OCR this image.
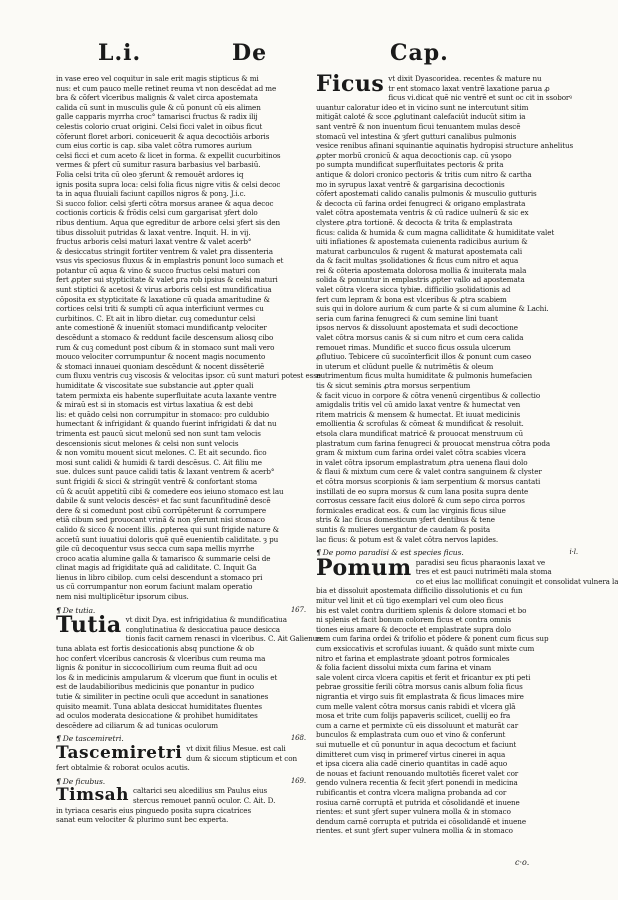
L.i.	De	Cap.
in vase ereo vel coquitur in sale erit magis stipticus & mi
nus: et cum pauco melle retinet reuma vt non descēdat ad me
bra & cōfert vlceribus malignis & valet circa apostemata
calida cū sunt in musculis gule & cū ponunt cū eis alimen
galle capparis myrrha croc° tamarisci fructus & radix ilij
celestis colorio cruat origini. Celsi ficci valet in oibus ficut
cōferunt floret arbori. coniceuerit & aqua decoctiōis arboris
cum eius cortic is cap. siba valet cōtra rumores aurium
celsi ficci et cum aceto & licet in forma. & expellit cucurbitinos
vermes & pfert cū sumitur rasura barbasius vel barbasiū.
Folia celsi trita cū oleo ȝferunt & remouēt ardores iq
ignis posita supra loca: celsi folia ficus nigre vitis & celsi decoc
ta in aqua fluuiali faciunt capillos nigros & ponꝫ. J.i.c.
Si succo folior. celsi ȝferti cōtra morsus aranee & aqua decoc
coctionis corticis & frōdis celsi cum gargarisat ȝfert dolo
ribus dentium. Aqua que egreditur de arbore celsi ȝfert sis den
tibus dissoluit putridas & laxat ventre. Inquit. H. in vij.
fructus arboris celsi maturi laxat ventre & valet acerb°
& desiccatus stringit fortiter ventrem & valet ꝑra dissenteria
vsus vis speciosus fluxus & in emplastris ponunt loco sumach et
potantur cū aqua & vino & succo fructus celsi maturi con
fert ꝓpter sui stypticitate & valet ꝑra rob ipsius & celsi maturi
sunt stiptici & acetosi & virus arboris celsi est mundificatiua
cōposita ex stypticitate & laxatione cū quada amaritudine &
cortices celsi triti & sumpti cū aqua interficiunt vermes cu
curbitinos. C. Et ait in libro dietar. cuꝫ comeduntur celsi
ante comestionē & inueniūt stomaci mundificantꝑ velociter
descēdunt a stomaco & reddunt facile descensum aliosq cibo
rum & cuꝫ comedunt post cibum & in stomaco sunt mali vero
mouco velociter corrumpuntur & nocent magis nocumento
& stomaci innauei quoniam descēdunt & nocent dissēteriē
cum fluxu ventris cuꝫ viscosis & velocitas ipsor. cū sunt maturi potest esse
humiditate & viscositate sue substancie aut ꝓpter quali
tatem permixta eis habente superfluitate acuta laxante ventre
& miraū est si in stomacis est virtus laxatiua & est debi
lis: et quādo celsi non corrumpitur in stomaco: pro culdubio
humectant & infrigidant & quando fuerint infrigidati & dat nu
trimenta est paucū sicut melonū sed non sunt tam velocis
descensionis sicut melones & celsi non sunt velocis
& non vomitu mouent sicut melones. C. Et ait secundo. fico
mosi sunt calidi & humidi & tardi descēsus. C. Ait filiu me
sue. dulces sunt pauce calidi tatis & laxant ventrem & acerb°
sunt frigidi & sicci & stringūt ventrē & confortant stoma
cū & acuūt appetitū cibi & comedere eos ieiuno stomaco est lau
dabile & sunt velocis descēsꝰ et fac sunt facunfitudinē descē
dere & si comedunt post cibū corrūpēterunt & corrumpere
etiā cibum sed prouocant vrinā & non ȝferunt nisi stomaco
calido & sicco & nocent illis. ꝓpterea qui sunt frigide nature &
accetū sunt iuuatiui doloris quē quē euenientib caliditate. ȝ pu
gile cū decoquentur vsus secca cum sapa mellis myrrhe
croco acatia alumine galla & tamarisco & summarie celsi de
clinat magis ad frigiditate quā ad caliditate. C. Inquit Ga
lienus in libro cibilop. cum celsi descendunt a stomaco pri
us cū corrumpantur non eorum faciunt malam operatio
nem nisi multiplicētur ipsorum cibus.
¶ De tutia.	167.
Tutia vt dixit Dya. est infrigidatiua & mundificatiua
conglutinatiua & desiccatiua pauce desicca
tionis facit carnem renasci in vlceribus. C. Ait Galienus.
tuna ablata est fortis desiccationis absq punctione & ob
hoc confert vlceribus cancrosis & vlceribus cum reuma ma
lignis & ponitur in siccocollirium cum reuma fluit ad ocu
los & in medicinis ampularum & vlcerum que fiunt in oculis et
est de laudabilioribus medicinis que ponantur in pudico
tutie & similiter in pectine oculi que accedunt in sanationes
quisito meamit. Tuna ablata desiccat humiditates fluentes
ad oculos moderata desiccatione & prohibet humiditates
descēdere ad ciliarum & ad tunicas oculorum
¶ De tascemiretri.	168.
Tascemiretri vt dixit filius Mesue. est cali
dum & siccum stipticum et con
fert obtalmie & roborat oculos acutis.
¶ De ficubus.	169.
Timsah caltarici seu alcedilius sm Paulus eius
stercus remouet pannū oculor. C. Ait. D.
in tyriaca cesaris eius pinguedo posita supra cicatrices
sanat eum velociter & plurimo sunt bec experta.
Ficus vt dixit Dyascoridea. recentes & mature nu
tr ent stomaco laxat ventrē laxatione parua ꝓ
ficus vi.dicat quē nic ventrē et sunt oc cit in ssoborꝰ
uuantur caloratur ideo et in vicino sunt ne intercutunt sitim
mitigāt caloté & scce ꝓglutinant calefaciūt inducūt sitim ia
sant ventrē & non inuentum ficui tenuantem mulas descē
stomacū vel intestina & ȝfert gutturi canalibus pulmonis
vesice renibus afinani squinantie aquinatis hydropisi structure anhelitus
ꝓpter morbū cronicū & aqua decoctionis cap. cū ysopo
po sumpta mundificat superfluitates pectoris & prita
antique & dolori cronico pectoris & tritis cum nitro & cartha
mo in syrupus laxat ventrē & gargarisina decoctionis
cōfert apostemati calido canalis pulmonis & musculio gutturis
& decocta cū farina ordei fenugreci & origano emplastrata
valet cōtra apostemata ventris & cū radice uulnerū & sic ex
clystere ꝓtra tortionē. & decocta & trita & emplastrata
ficus: calida & humida & cum magna calliditate & humiditate valet
uiti infiationes & apostemata cuienenta radicibus aurium &
maturat carbunculos & rugent & maturat apostemata cali
da & facit multas ȝsolidationes & ficus cum nitro et aqua
rei & cōteria apostemata dolorosa mollia & inuiterata mala
solida & ponuntur in emplastris ꝓpter vallo ad apostemata
valet cōtra vlcera sicca tybiæ. difficilio ȝsolidationis ad
fert cum lepram & bona est vlceribus & ꝓtra scabiem
suis qui in dolore aurium & cum parte & si cum alumine & Lachi.
seria cum farina fenugreci & cum semine lini tuant
ipsos nervos & dissoluunt apostemata et sudi decoctione
valet cōtra morsus canis & si cum nitro et cum cera calida
remouet rimas. Mundific et succo ficus ossula ulcerum
ꝓflutiuo. Tebicere cū sucoīnterficit illos & ponunt cum caseo
in uterum et clūdunt puelle & nutrimētis & oleum
nutrimentum ficus multa humiditate & pulmonis humefacien
tis & sicut seminis ꝓtra morsus serpentium
& facit vicuo in corpore & cōtra venenū cirgentibus & collectio
amigdalis tritis vel cū amido laxat ventre & humectat ven
ritem matricis & mensem & humectat. Et iuuat medicinis
emollientia & scrofulas & cōmeat & mundificat & resoluit.
etsola clara mundificat matricē & prouocat menstruum cū
plastratum cum farina fenugreci & prouocat menstrua cōtra poda
gram & mixtum cum farina ordei valet cōtra scabies vlcera
in valet cōtra ipsorum emplastratum ꝓtra uenena flaui dolo
& flaui & mixtum cum cere & valet contra sanguinem & clyster
et cōtra morsus scorpionis & iam serpentium & morsus cantati
instillati de eo supra morsus & cum lana posita supra dente
corrosus cessare facit eius dolorē & cum sepo circa porros
formicales eradicat eos. & cum lac virginis ficus silue
stris & lac ficus domesticum ȝfert dentibus & tene
suntis & mulieres uergantur de caudam & posita
lac ficus: & potum est & valet cōtra nervos lapides.
¶ De pomo paradisi & est species ficus.	i·l.
Pomum paradisi seu ficus pharaonis laxat ve
tres et est pauci nutrimēti mala stoma
co et eius lac mollificat conuingit et consolidat vulnera la
bia et dissoluit apostemata difficilio dissolutionis et cu fun
mitur vel linit et cū tigo exemplari vel cum oleo ficus
bis est valet contra duritiem splenis & dolore stomaci et bo
ni splenis et facit bonum colorem ficus et contra omnis
tiones eius amare & decocte et emplastrate supra dolo
rem cum farina ordei & trifolio et pōdere & ponent cum ficus sup
cum exsiccativis et scrofulas iuuant. & quādo sunt mixte cum
nitro et farina et emplastrate ȝdoant potros formicales
& folia facient dissolui mixta cum farina et vinam
sale volent circa vlcera capitis et ferit et fricantur ex pti peti
pebrae grossitie ferili cōtra morsus canis album folia ficus
nigrantia et virgo suis fit emplastrata & ficus limaces mire
cum melle valent cōtra morsus canis rabidi et vlcera glā
mosa et trite cum folijs papaveris scilicet, cuellij eo fra
cum a carne et permixte cū eis dissoluunt et maturāt car
bunculos & emplastrata cum ouo et vino & conferunt
sui mutuelle et cū ponuntur in aqua decoctum et faciunt
dimitteret cum visq in primeref virtus cinerei in aqua
et ipsa cicera alia cadē cinerio quantitas in cadē aquo
de nouas et faciunt renouando multotiēs ficeret valet cor
gendo vulnera recentia & fecit ȝfert ponendi in medicina
rubificantis et contra vlcera maligna probanda ad cor
rosiua carnē corruptā et putrida et cōsolidandē et inuene
rientes: et sunt ȝfert super vulnera molla & in stomaco
dendum carnē corrupta et putrida ei cōsolidandē et inuene
rientes. et sunt ȝfert super vulnera mollia & in stomaco
c·o.
